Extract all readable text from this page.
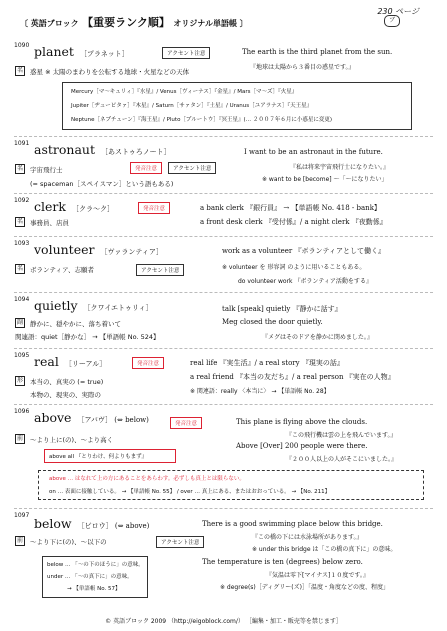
230 ページ
〔 英語ブロック 【重要ランク順】 オリジナル単語帳 〕	ブ
1090 planet ［プラネット］	アクセント注意
名	惑星 ※ 太陽のまわりを公転する地球・火星などの天体
The earth is the third planet from the sun.
『地球は太陽から３番目の惑星です。』
Mercury［マ～キュリィ］『水星』/ Venus［ヴィーナス］『金星』/ Mars［マ～ズ］『火星』
Jupiter［ヂューピタァ］『木星』/ Saturn［サァタン］『土星』/ Uranus［ユアラナス］『天王星』
Neptune［ネプチューン］『海王星』/ Pluto［プルートウ］『冥王星』(… ２００７年６月に小惑星に変更)
1091 astronaut ［あストゥろノート］
発音注意	アクセント注意
名	宇宙飛行士
(= spaceman［スペイスマン］という語もある)
I want to be an astronaut in the future.
『私は将来宇宙飛行士になりたい。』
※ want to be [become] ～「～になりたい」
1092 clerk ［クラ～ク］	発音注意
名	事務員、店員
a bank clerk 『銀行員』 → 【単語帳 No. 418 - bank】
a front desk clerk 『受付係』/ a night clerk 『夜勤係』
1093 volunteer ［ヴァランティア］
名	ボランティア、志願者	アクセント注意
work as a volunteer 『ボランティアとして働く』
※ volunteer を 形容詞 のように用いることもある。
do volunteer work 『ボランティア活動をする』
1094 quietly ［クワイエトゥリィ］
副	静かに、穏やかに、落ち着いて
関連語：quiet［静かな］ → 【単語帳 No. 524】
talk [speak] quietly 『静かに話す』
Meg closed the door quietly.
『メグはそのドアを静かに閉めました。』
1095 real ［リーアル］	発音注意
形	本当の、真実の (= true)
本物の、現実の、実際の
real life 『実生活』/ a real story 『現実の話』
a real friend 『本当の友だち』/ a real person 『実在の人物』
※ 関連語：really 〈本当に〉 → 【単語帳 No. 28】
1096 above ［アバヴ］ (⇔ below)	発音注意
前	～より上に(の)、～より高く
above all 『とりわけ、何よりもまず』
This plane is flying above the clouds.
『この飛行機は雲の上を飛んでいます。』
Above [Over] 200 people were there.
『２００人以上の人がそこにいました。』
above … はなれて上の方にあることをあらわす。必ずしも真上とは限らない。
on … 表面に接触している。 → 【単語帳 No. 55】 / over … 真上にある、またはおおっている。 → 【No. 211】
1097
below ［ビロウ］ (⇔ above)
アクセント注意
前	～より下に(の)、～以下の
below … 「～の下のほうに」の意味。
under … 「～の真下に」の意味。
→ 【単語帳 No. 57】
There is a good swimming place below this bridge.
『この橋の下には水泳場所があります。』
※ under this bridge は「この橋の真下に」の意味。
The temperature is ten (degrees) below zero.
『気温は零下[マイナス]１０度です。』
※ degree(s)［ディグリー(ズ)］「温度・角度などの度、程度」
© 英語ブロック 2009 （http://eigoblock.com/） ［編集・加工・販売等を禁じます］
